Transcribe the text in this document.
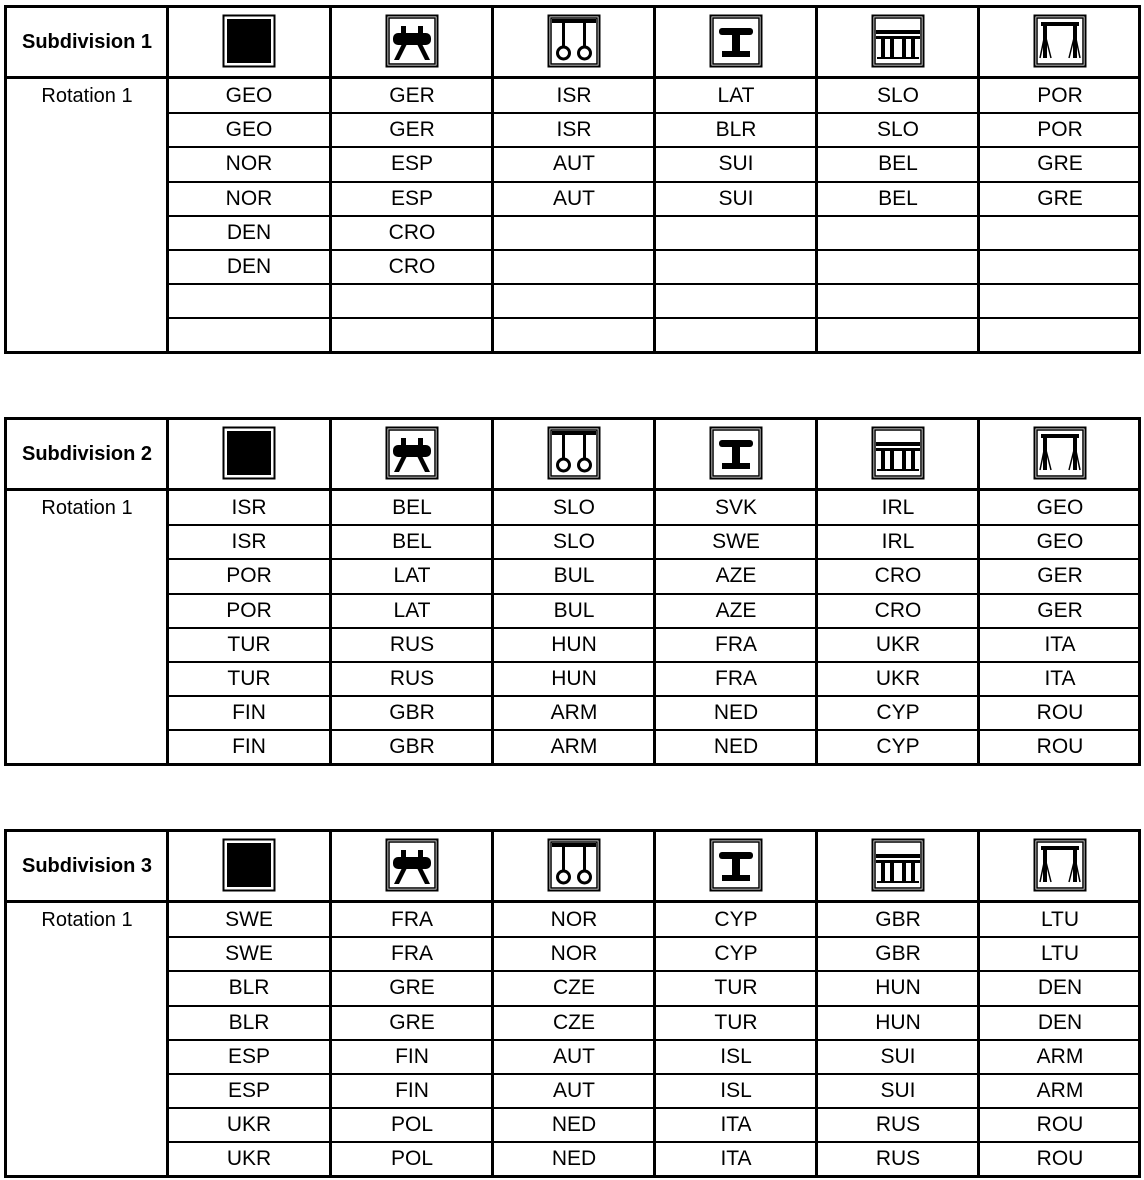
Subdivision 1
Rotation 1	GEO	GER	ISR	LAT	SLO	POR
GEO	GER	ISR	BLR	SLO	POR
NOR	ESP	AUT	SUI	BEL	GRE
NOR	ESP	AUT	SUI	BEL	GRE
DEN	CRO
DEN	CRO
Subdivision 2
Rotation 1	ISR	BEL	SLO	SVK	IRL	GEO
ISR	BEL	SLO	SWE	IRL	GEO
POR	LAT	BUL	AZE	CRO	GER
POR	LAT	BUL	AZE	CRO	GER
TUR	RUS	HUN	FRA	UKR	ITA
TUR	RUS	HUN	FRA	UKR	ITA
FIN	GBR	ARM	NED	CYP	ROU
FIN	GBR	ARM	NED	CYP	ROU
Subdivision 3
Rotation 1	SWE	FRA	NOR	CYP	GBR	LTU
SWE	FRA	NOR	CYP	GBR	LTU
BLR	GRE	CZE	TUR	HUN	DEN
BLR	GRE	CZE	TUR	HUN	DEN
ESP	FIN	AUT	ISL	SUI	ARM
ESP	FIN	AUT	ISL	SUI	ARM
UKR	POL	NED	ITA	RUS	ROU
UKR	POL	NED	ITA	RUS	ROU
